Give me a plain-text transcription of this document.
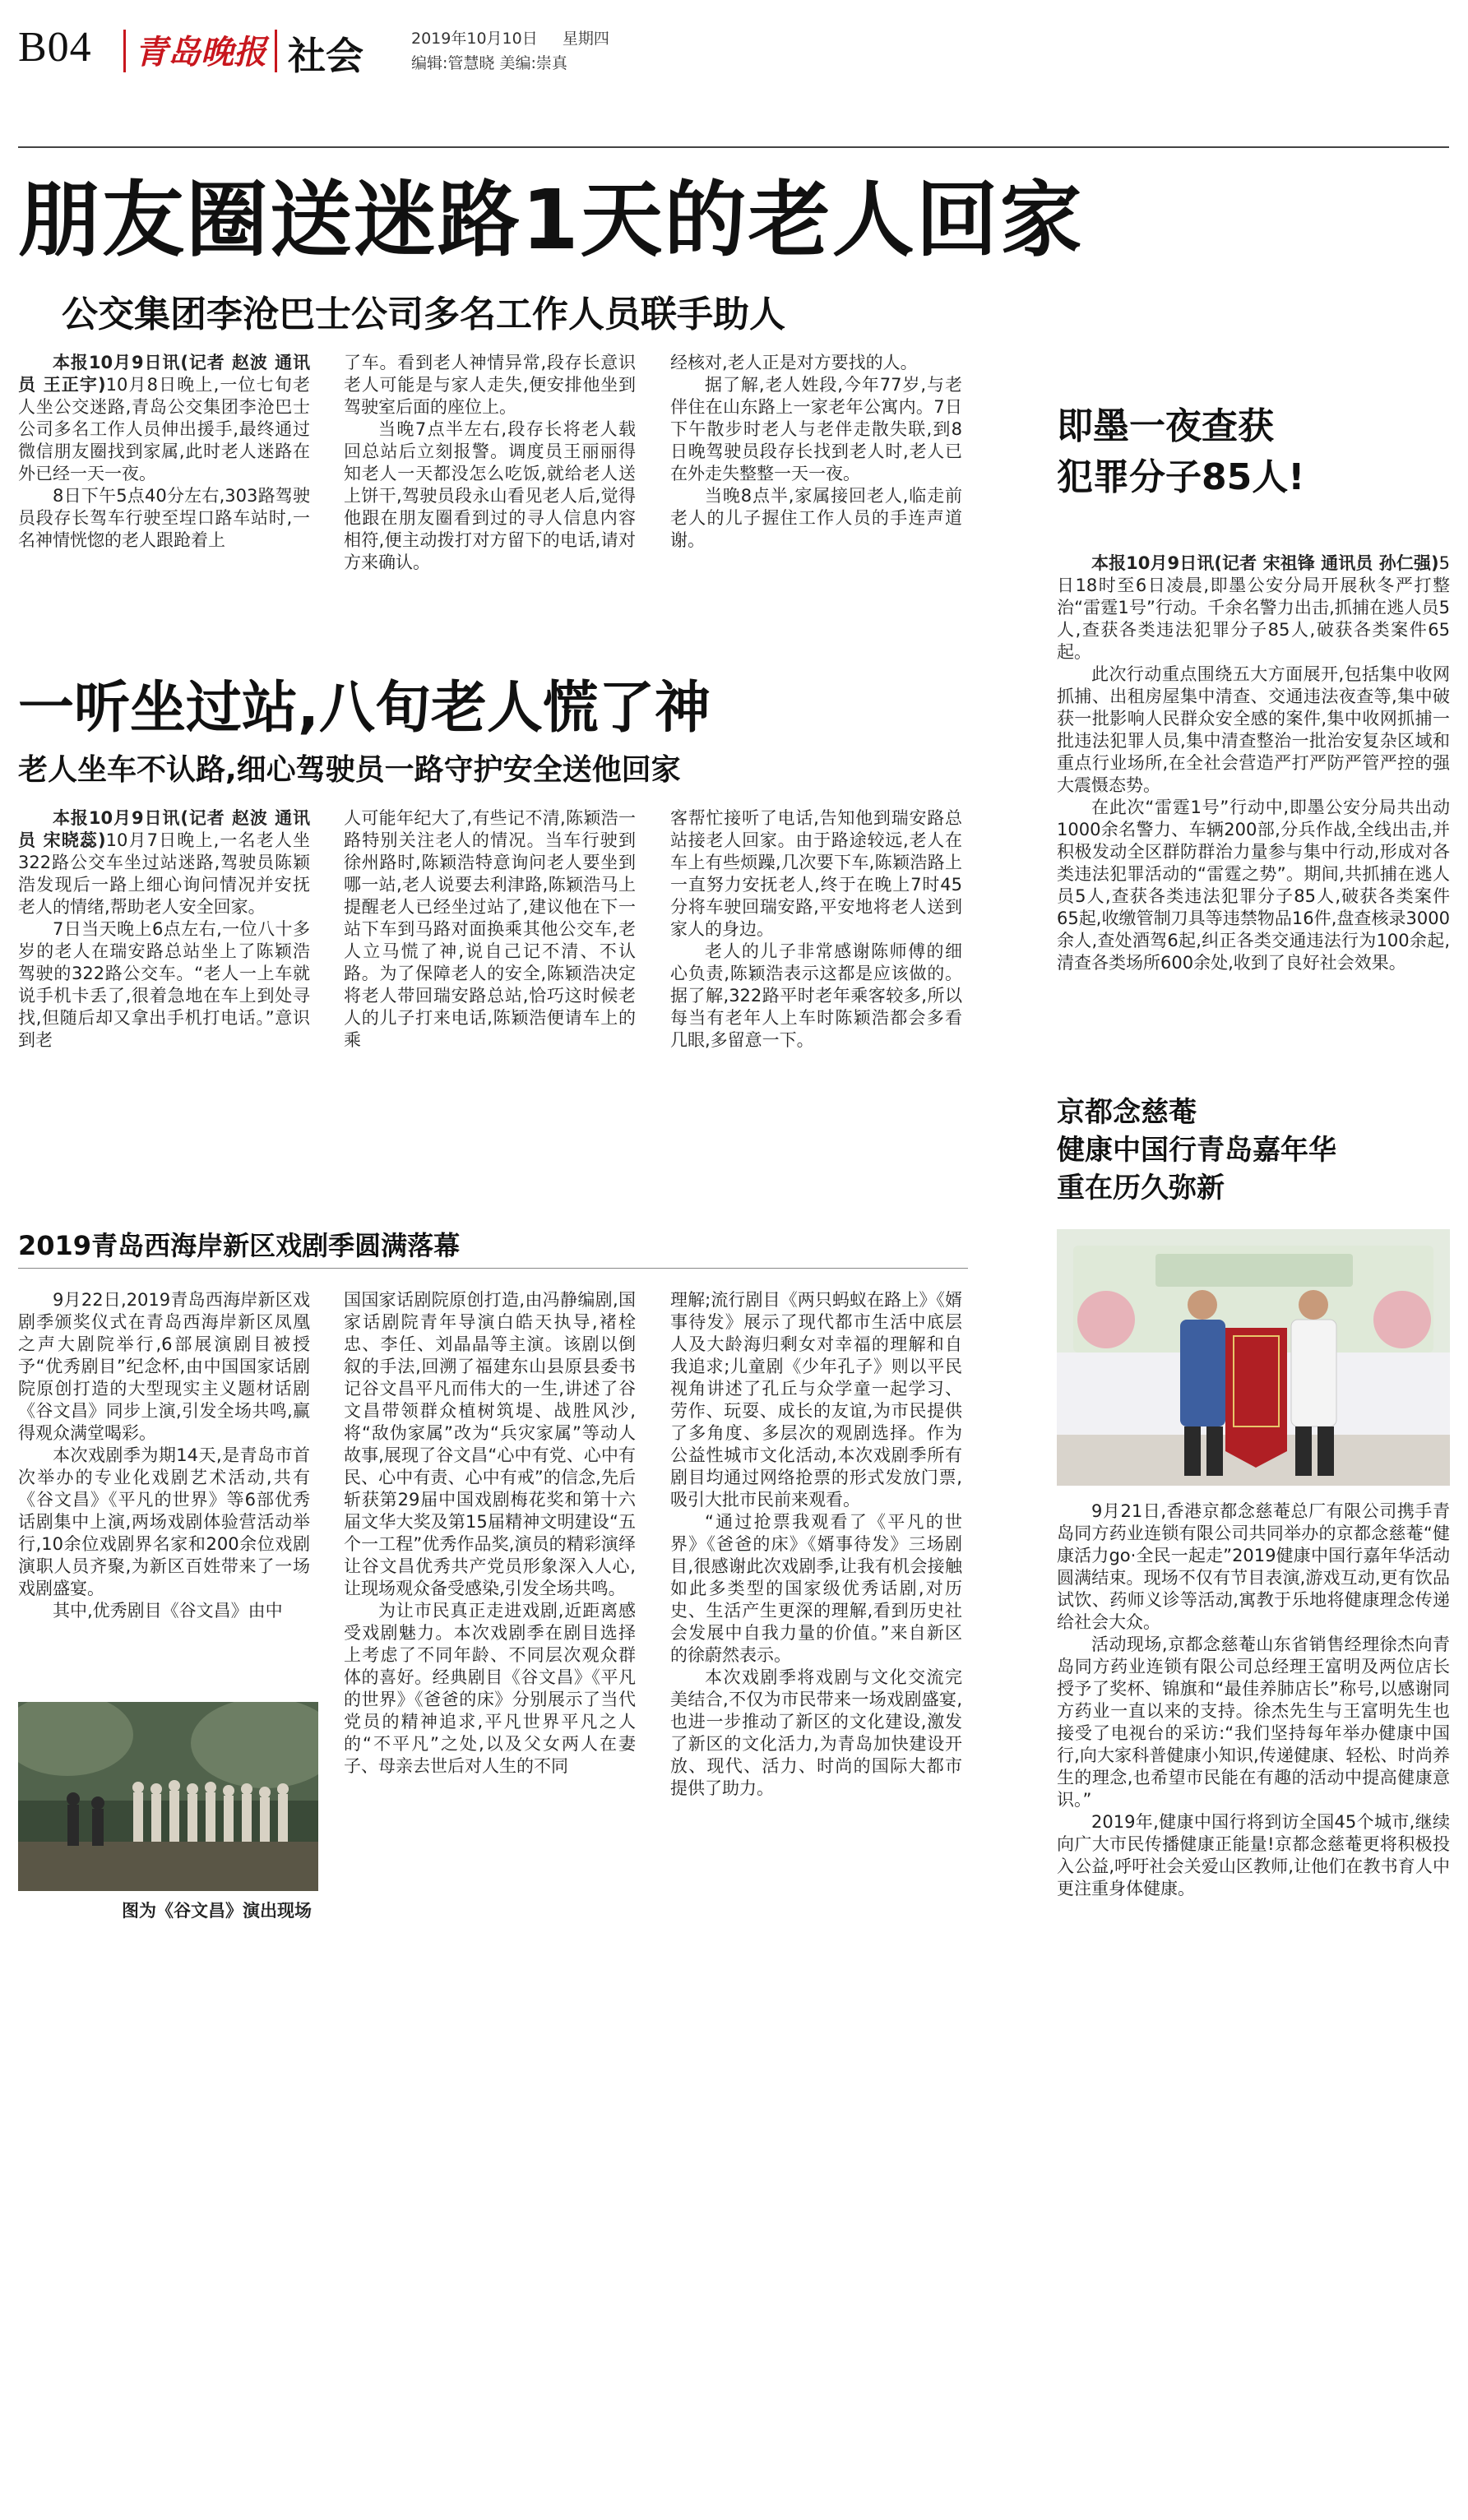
B04 青岛晚报 社会	2019年10月10日 星期四
编辑:管慧晓 美编:崇真
朋友圈送迷路1天的老人回家
公交集团李沧巴士公司多名工作人员联手助人

本报10月9日讯(记者 赵波 通讯员 王正宇)10月8日晚上,一位七旬老人坐公交迷路,青岛公交集团李沧巴士公司多名工作人员伸出援手,最终通过微信朋友圈找到家属,此时老人迷路在外已经一天一夜。

8日下午5点40分左右,303路驾驶员段存长驾车行驶至埕口路车站时,一名神情恍惚的老人跟跄着上

了车。看到老人神情异常,段存长意识老人可能是与家人走失,便安排他坐到驾驶室后面的座位上。

当晚7点半左右,段存长将老人载回总站后立刻报警。调度员王丽丽得知老人一天都没怎么吃饭,就给老人送上饼干,驾驶员段永山看见老人后,觉得他跟在朋友圈看到过的寻人信息内容相符,便主动拨打对方留下的电话,请对方来确认。

经核对,老人正是对方要找的人。

据了解,老人姓段,今年77岁,与老伴住在山东路上一家老年公寓内。7日下午散步时老人与老伴走散失联,到8日晚驾驶员段存长找到老人时,老人已在外走失整整一天一夜。

当晚8点半,家属接回老人,临走前老人的儿子握住工作人员的手连声道谢。

一听坐过站,八旬老人慌了神
老人坐车不认路,细心驾驶员一路守护安全送他回家

本报10月9日讯(记者 赵波 通讯员 宋晓蕊)10月7日晚上,一名老人坐322路公交车坐过站迷路,驾驶员陈颖浩发现后一路上细心询问情况并安抚老人的情绪,帮助老人安全回家。

7日当天晚上6点左右,一位八十多岁的老人在瑞安路总站坐上了陈颖浩驾驶的322路公交车。“老人一上车就说手机卡丢了,很着急地在车上到处寻找,但随后却又拿出手机打电话。”意识到老

人可能年纪大了,有些记不清,陈颖浩一路特别关注老人的情况。当车行驶到徐州路时,陈颖浩特意询问老人要坐到哪一站,老人说要去利津路,陈颖浩马上提醒老人已经坐过站了,建议他在下一站下车到马路对面换乘其他公交车,老人立马慌了神,说自己记不清、不认路。为了保障老人的安全,陈颖浩决定将老人带回瑞安路总站,恰巧这时候老人的儿子打来电话,陈颖浩便请车上的乘

客帮忙接听了电话,告知他到瑞安路总站接老人回家。由于路途较远,老人在车上有些烦躁,几次要下车,陈颖浩路上一直努力安抚老人,终于在晚上7时45分将车驶回瑞安路,平安地将老人送到家人的身边。

老人的儿子非常感谢陈师傅的细心负责,陈颖浩表示这都是应该做的。据了解,322路平时老年乘客较多,所以每当有老年人上车时陈颖浩都会多看几眼,多留意一下。

2019青岛西海岸新区戏剧季圆满落幕

9月22日,2019青岛西海岸新区戏剧季颁奖仪式在青岛西海岸新区凤凰之声大剧院举行,6部展演剧目被授予“优秀剧目”纪念杯,由中国国家话剧院原创打造的大型现实主义题材话剧《谷文昌》同步上演,引发全场共鸣,赢得观众满堂喝彩。

本次戏剧季为期14天,是青岛市首次举办的专业化戏剧艺术活动,共有《谷文昌》《平凡的世界》等6部优秀话剧集中上演,两场戏剧体验营活动举行,10余位戏剧界名家和200余位戏剧演职人员齐聚,为新区百姓带来了一场戏剧盛宴。

其中,优秀剧目《谷文昌》由中

图为《谷文昌》演出现场

国国家话剧院原创打造,由冯静编剧,国家话剧院青年导演白皓天执导,褚栓忠、李任、刘晶晶等主演。该剧以倒叙的手法,回溯了福建东山县原县委书记谷文昌平凡而伟大的一生,讲述了谷文昌带领群众植树筑堤、战胜风沙,将“敌伪家属”改为“兵灾家属”等动人故事,展现了谷文昌“心中有党、心中有民、心中有责、心中有戒”的信念,先后斩获第29届中国戏剧梅花奖和第十六届文华大奖及第15届精神文明建设“五个一工程”优秀作品奖,演员的精彩演绎让谷文昌优秀共产党员形象深入人心,让现场观众备受感染,引发全场共鸣。

为让市民真正走进戏剧,近距离感受戏剧魅力。本次戏剧季在剧目选择上考虑了不同年龄、不同层次观众群体的喜好。经典剧目《谷文昌》《平凡的世界》《爸爸的床》分别展示了当代党员的精神追求,平凡世界平凡之人的“不平凡”之处,以及父女两人在妻子、母亲去世后对人生的不同

理解;流行剧目《两只蚂蚁在路上》《婿事待发》展示了现代都市生活中底层人及大龄海归剩女对幸福的理解和自我追求;儿童剧《少年孔子》则以平民视角讲述了孔丘与众学童一起学习、劳作、玩耍、成长的友谊,为市民提供了多角度、多层次的观剧选择。作为公益性城市文化活动,本次戏剧季所有剧目均通过网络抢票的形式发放门票,吸引大批市民前来观看。

“通过抢票我观看了《平凡的世界》《爸爸的床》《婿事待发》三场剧目,很感谢此次戏剧季,让我有机会接触如此多类型的国家级优秀话剧,对历史、生活产生更深的理解,看到历史社会发展中自我力量的价值。”来自新区的徐蔚然表示。

本次戏剧季将戏剧与文化交流完美结合,不仅为市民带来一场戏剧盛宴,也进一步推动了新区的文化建设,激发了新区的文化活力,为青岛加快建设开放、现代、活力、时尚的国际大都市提供了助力。

即墨一夜查获
犯罪分子85人!

本报10月9日讯(记者 宋祖锋 通讯员 孙仁强)5日18时至6日凌晨,即墨公安分局开展秋冬严打整治“雷霆1号”行动。千余名警力出击,抓捕在逃人员5人,查获各类违法犯罪分子85人,破获各类案件65起。

此次行动重点围绕五大方面展开,包括集中收网抓捕、出租房屋集中清查、交通违法夜查等,集中破获一批影响人民群众安全感的案件,集中收网抓捕一批违法犯罪人员,集中清查整治一批治安复杂区域和重点行业场所,在全社会营造严打严防严管严控的强大震慑态势。

在此次“雷霆1号”行动中,即墨公安分局共出动1000余名警力、车辆200部,分兵作战,全线出击,并积极发动全区群防群治力量参与集中行动,形成对各类违法犯罪活动的“雷霆之势”。期间,共抓捕在逃人员5人,查获各类违法犯罪分子85人,破获各类案件65起,收缴管制刀具等违禁物品16件,盘查核录3000余人,查处酒驾6起,纠正各类交通违法行为100余起,清查各类场所600余处,收到了良好社会效果。

京都念慈菴
健康中国行青岛嘉年华
重在历久弥新

9月21日,香港京都念慈菴总厂有限公司携手青岛同方药业连锁有限公司共同举办的京都念慈菴“健康活力go·全民一起走”2019健康中国行嘉年华活动圆满结束。现场不仅有节目表演,游戏互动,更有饮品试饮、药师义诊等活动,寓教于乐地将健康理念传递给社会大众。

活动现场,京都念慈菴山东省销售经理徐杰向青岛同方药业连锁有限公司总经理王富明及两位店长授予了奖杯、锦旗和“最佳养肺店长”称号,以感谢同方药业一直以来的支持。徐杰先生与王富明先生也接受了电视台的采访:“我们坚持每年举办健康中国行,向大家科普健康小知识,传递健康、轻松、时尚养生的理念,也希望市民能在有趣的活动中提高健康意识。”

2019年,健康中国行将到访全国45个城市,继续向广大市民传播健康正能量!京都念慈菴更将积极投入公益,呼吁社会关爱山区教师,让他们在教书育人中更注重身体健康。
